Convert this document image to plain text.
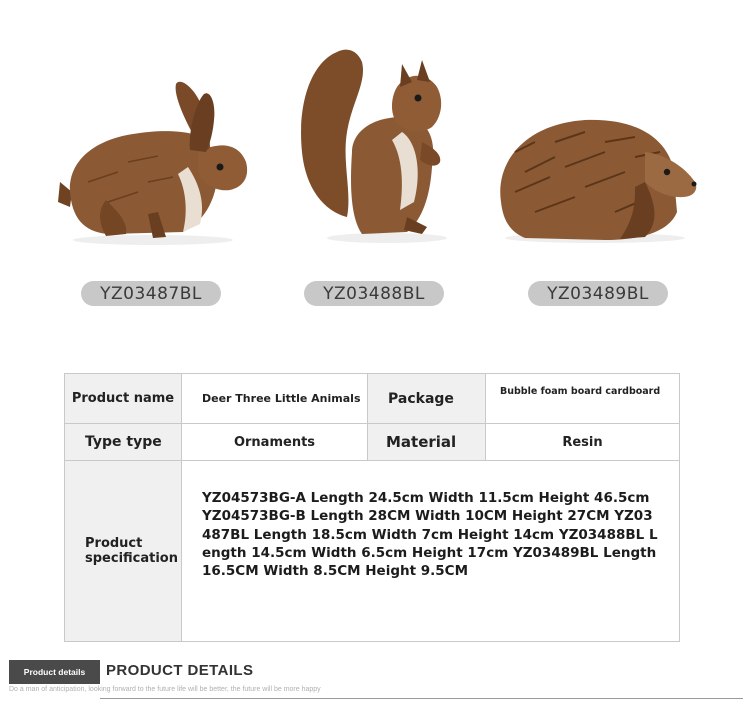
YZ03487BL	YZ03488BL	YZ03489BL
Product name	Deer Three Little Animals	Package	Bubble foam board cardboard
Type type	Ornaments	Material	Resin

Product
specification	YZ04573BG-A Length 24.5cm Width 11.5cm Height 46.5cm YZ04573BG-B Length 28CM Width 10CM Height 27CM YZ03487BL Length 18.5cm Width 7cm Height 14cm YZ03488BL Length 14.5cm Width 6.5cm Height 17cm YZ03489BL Length 16.5CM Width 8.5CM Height 9.5CM		
Product details	PRODUCT DETAILS
Do a man of anticipation, looking forward to the future life will be better, the future will be more happy
